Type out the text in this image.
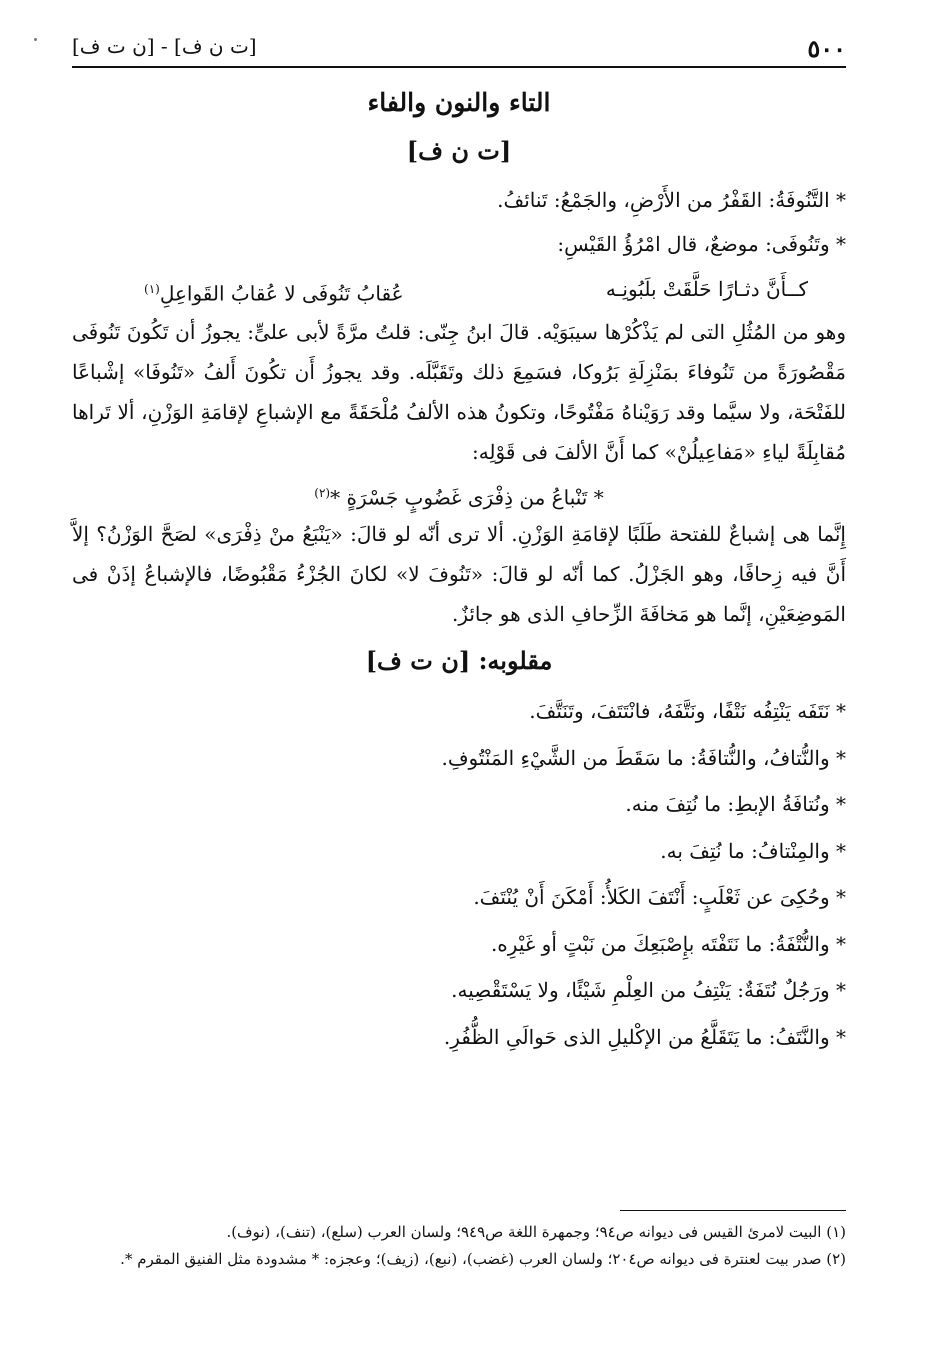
٥٠٠
[ت ن ف] - [ن ت ف]
التاء والنون والفاء
[ت ن ف]
* التَّنُوفَةُ: القَفْرُ من الأَرْضِ، والجَمْعُ: تَنائفُ.
* وتَنُوفَى: موضعٌ، قال امْرُؤُ القَيْسِ:
كــأَنَّ دثـارًا حَلَّقَتْ بلَبُونِـه
عُقابُ تَنُوفَى لا عُقابُ القَواعِلِ$^{(١)}$

وهو من المُثُلِ التى لم يَذْكُرْها سيبَوَيْه. قالَ ابنُ جِنّى: قلتُ مرَّةً لأبى علىٍّ: يجوزُ أن تَكُونَ تَنُوفَى مَقْصُورَةً من تَنُوفاءَ بمَنْزِلَةِ بَرُوكا، فسَمِعَ ذلك وتَقَبَّلَه. وقد يجوزُ أَن تكُونَ أَلفُ «تَنُوفَا» إشْباعًا للفَتْحَة، ولا سيَّما وقد رَوَيْناهُ مَفْتُوحًا، وتكونُ هذه الألفُ مُلْحَقَةً مع الإشباعِ لإقامَةِ الوَزْنِ، ألا تَراها مُقابِلَةً لياءِ «مَفاعِيلُنْ» كما أَنَّ الألفَ فى قَوْلِه:

* تَنْباعُ من ذِفْرَى غَضُوبٍ جَسْرَةٍ *$^{(٢)}$

إِنَّما هى إشباعٌ للفتحة طَلَبًا لإقامَةِ الوَزْنِ. ألا ترى أنّه لو قالَ: «يَنْبَعُ منْ ذِفْرَى» لصَحَّ الوَزْنُ؟ إلاَّ أَنَّ فيه زِحافًا، وهو الجَزْلُ. كما أنّه لو قالَ: «تَنُوفَ لا» لكانَ الجُزْءُ مَقْبُوضًا، فالإشباعُ إذَنْ فى المَوضِعَيْنِ، إنَّما هو مَخافَةَ الزِّحافِ الذى هو جائزٌ.

مقلوبه: [ن ت ف]
* نَتَفَه يَنْتِفُه نَتْفًا، ونَتَّفَهُ، فانْتَتَفَ، وتَنَتَّفَ.
* والنُّتافُ، والنُّتافَةُ: ما سَقَطَ من الشَّيْءِ المَنْتُوفِ.
* ونُتافَةُ الإبطِ: ما نُتِفَ منه.
* والمِنْتافُ: ما نُتِفَ به.
* وحُكِىَ عن ثَعْلَبٍ: أَنْتَفَ الكَلأُ: أَمْكَنَ أَنْ يُنْتَفَ.
* والنُّتْفَةُ: ما نَتَفْتَه بإِصْبَعِكَ من نَبْتٍ أو غَيْرِه.
* ورَجُلٌ نُتَفَةٌ: يَنْتِفُ من العِلْمِ شَيْئًا، ولا يَسْتَقْصِيه.
* والنَّتَفُ: ما يَتَقَلَّعُ من الإكْليلِ الذى حَوالَىِ الظُّفُرِ.

(١) البيت لامرئ القيس فى ديوانه ص٩٤؛ وجمهرة اللغة ص٩٤٩؛ ولسان العرب (سلع)، (تنف)، (نوف).

(٢) صدر بيت لعنترة فى ديوانه ص٢٠٤؛ ولسان العرب (غضب)، (نبع)، (زيف)؛ وعجزه: * مشدودة مثل الفنيق المقرم *.
